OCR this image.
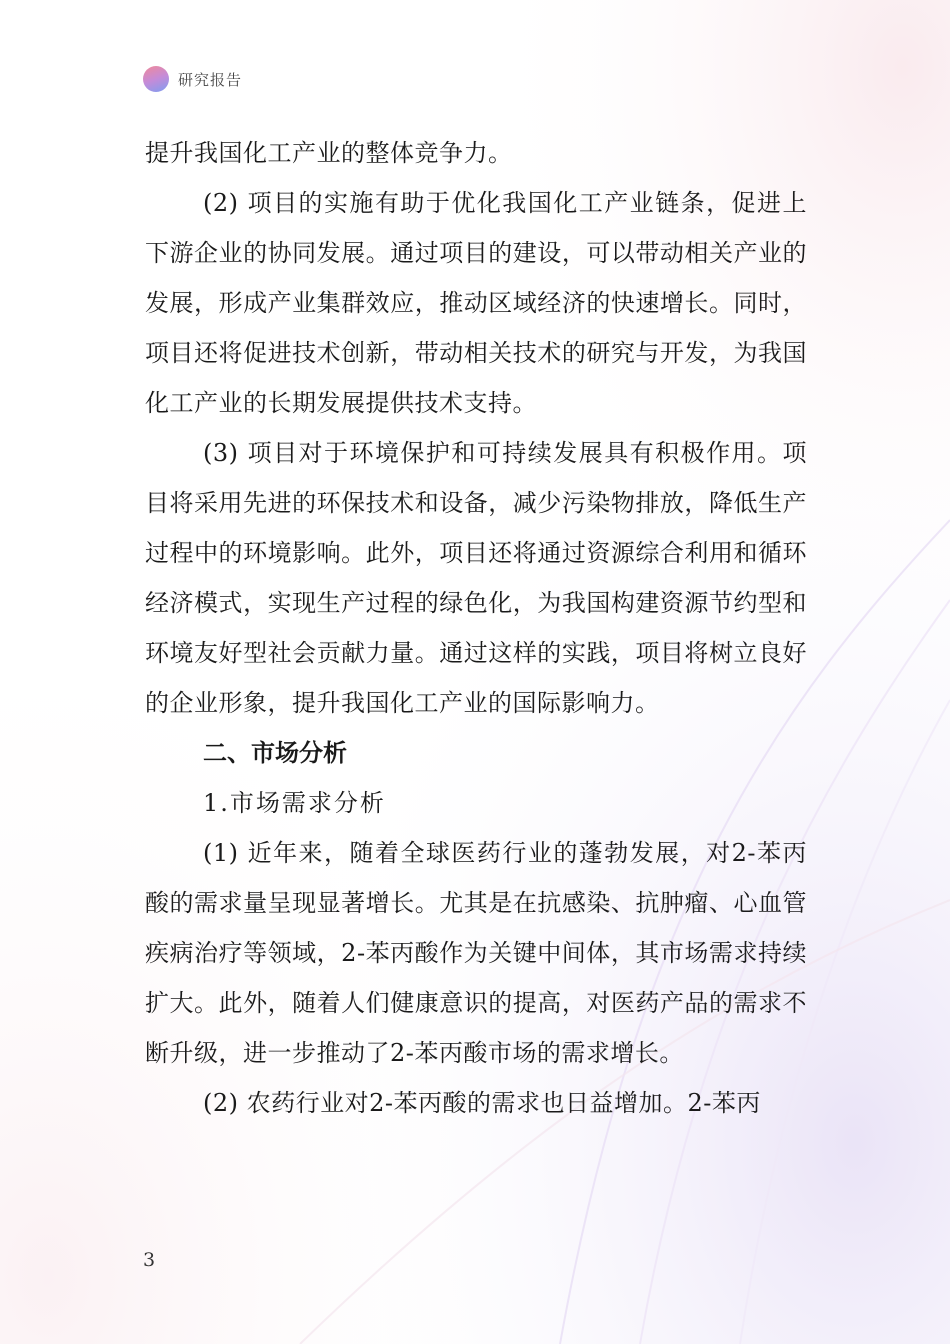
研究报告

提升我国化工产业的整体竞争力。

(2) 项目的实施有助于优化我国化工产业链条，促进上下游企业的协同发展。通过项目的建设，可以带动相关产业的发展，形成产业集群效应，推动区域经济的快速增长。同时，项目还将促进技术创新，带动相关技术的研究与开发，为我国化工产业的长期发展提供技术支持。

(3) 项目对于环境保护和可持续发展具有积极作用。项目将采用先进的环保技术和设备，减少污染物排放，降低生产过程中的环境影响。此外，项目还将通过资源综合利用和循环经济模式，实现生产过程的绿色化，为我国构建资源节约型和环境友好型社会贡献力量。通过这样的实践，项目将树立良好的企业形象，提升我国化工产业的国际影响力。

二、市场分析

1.市场需求分析

(1) 近年来，随着全球医药行业的蓬勃发展，对2-苯丙酸的需求量呈现显著增长。尤其是在抗感染、抗肿瘤、心血管疾病治疗等领域，2-苯丙酸作为关键中间体，其市场需求持续扩大。此外，随着人们健康意识的提高，对医药产品的需求不断升级，进一步推动了2-苯丙酸市场的需求增长。

(2) 农药行业对2-苯丙酸的需求也日益增加。2-苯丙

3
